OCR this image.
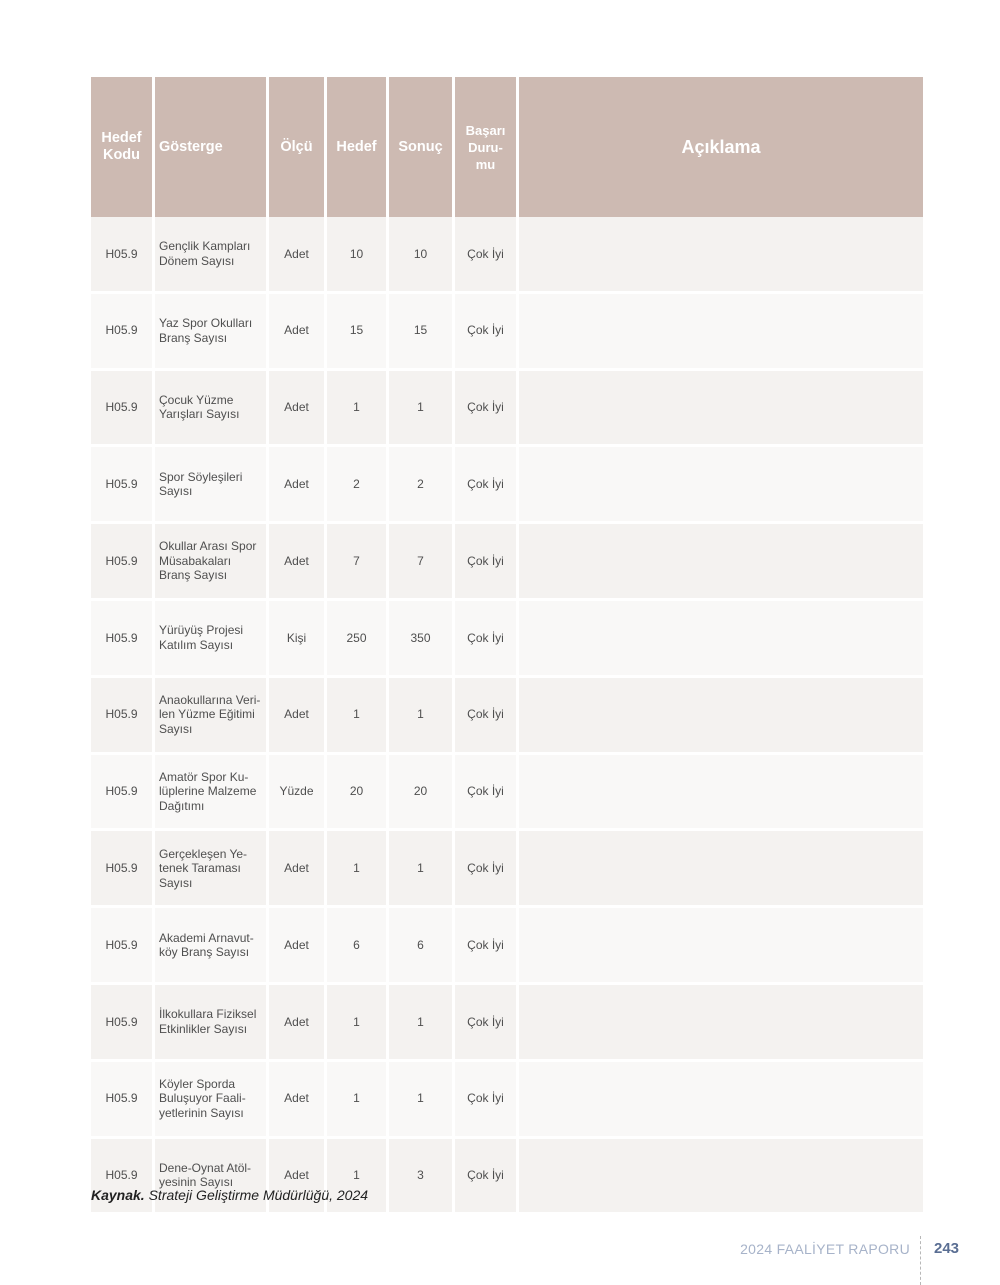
Hedef Kodu	Gösterge	Ölçü	Hedef	Sonuç	Başarı Duru- mu	Açıklama
H05.9	Gençlik Kampları Dönem Sayısı	Adet	10	10	Çok İyi	
H05.9	Yaz Spor Okulları Branş Sayısı	Adet	15	15	Çok İyi	
H05.9	Çocuk Yüzme Yarışları Sayısı	Adet	1	1	Çok İyi	
H05.9	Spor Söyleşileri Sayısı	Adet	2	2	Çok İyi	
H05.9	Okullar Arası Spor Müsabakaları Branş Sayısı	Adet	7	7	Çok İyi	
H05.9	Yürüyüş Projesi Katılım Sayısı	Kişi	250	350	Çok İyi	
H05.9	Anaokullarına Veri- len Yüzme Eğitimi Sayısı	Adet	1	1	Çok İyi	
H05.9	Amatör Spor Ku- lüplerine Malzeme Dağıtımı	Yüzde	20	20	Çok İyi	
H05.9	Gerçekleşen Ye- tenek Taraması Sayısı	Adet	1	1	Çok İyi	
H05.9	Akademi Arnavut- köy Branş Sayısı	Adet	6	6	Çok İyi	
H05.9	İlkokullara Fiziksel Etkinlikler Sayısı	Adet	1	1	Çok İyi	
H05.9	Köyler Sporda Buluşuyor Faali- yetlerinin Sayısı	Adet	1	1	Çok İyi	
H05.9	Dene-Oynat Atöl- yesinin Sayısı	Adet	1	3	Çok İyi	
Kaynak. Strateji Geliştirme Müdürlüğü, 2024
2024 FAALİYET RAPORU 243
